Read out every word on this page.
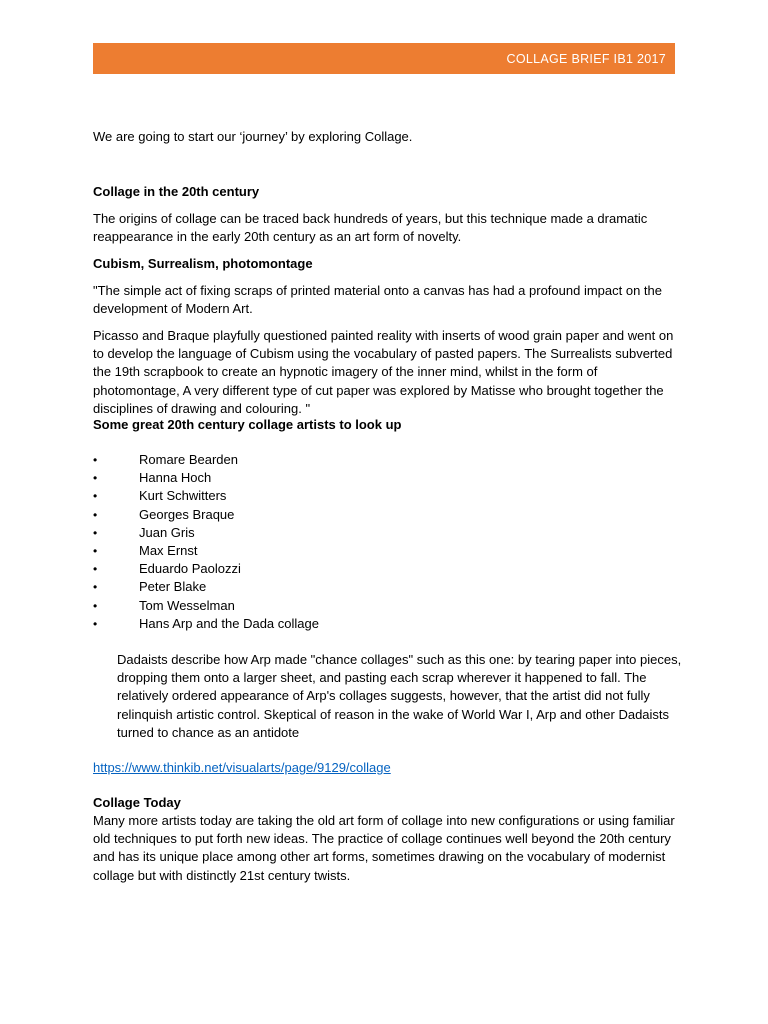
COLLAGE BRIEF IB1 2017

We are going to start our ‘journey’ by exploring Collage.

Collage in the 20th century

The origins of collage can be traced back hundreds of years, but this technique made a dramatic reappearance in the early 20th century as an art form of novelty.

Cubism, Surrealism, photomontage

"The simple act of fixing scraps of printed material onto a canvas has had a profound impact on the development of Modern Art.

Picasso and Braque playfully questioned painted reality with inserts of wood grain paper and went on to develop the language of Cubism using the vocabulary of pasted papers. The Surrealists subverted the 19th scrapbook to create an hypnotic imagery of the inner mind, whilst in the form of photomontage, A very different type of cut paper was explored by Matisse who brought together the disciplines of drawing and colouring. "

Some great 20th century collage artists to look up

•	Romare Bearden
•	Hanna Hoch
•	Kurt Schwitters
•	Georges Braque
•	Juan Gris
•	Max Ernst
•	Eduardo Paolozzi
•	Peter Blake
•	Tom Wesselman
•	Hans Arp and the Dada collage

Dadaists describe how Arp made "chance collages" such as this one: by tearing paper into pieces, dropping them onto a larger sheet, and pasting each scrap wherever it happened to fall. The relatively ordered appearance of Arp's collages suggests, however, that the artist did not fully relinquish artistic control. Skeptical of reason in the wake of World War I, Arp and other Dadaists turned to chance as an antidote

https://www.thinkib.net/visualarts/page/9129/collage

Collage Today

Many more artists today are taking the old art form of collage into new configurations or using familiar old techniques to put forth new ideas. The practice of collage continues well beyond the 20th century and has its unique place among other art forms, sometimes drawing on the vocabulary of modernist collage but with distinctly 21st century twists.
